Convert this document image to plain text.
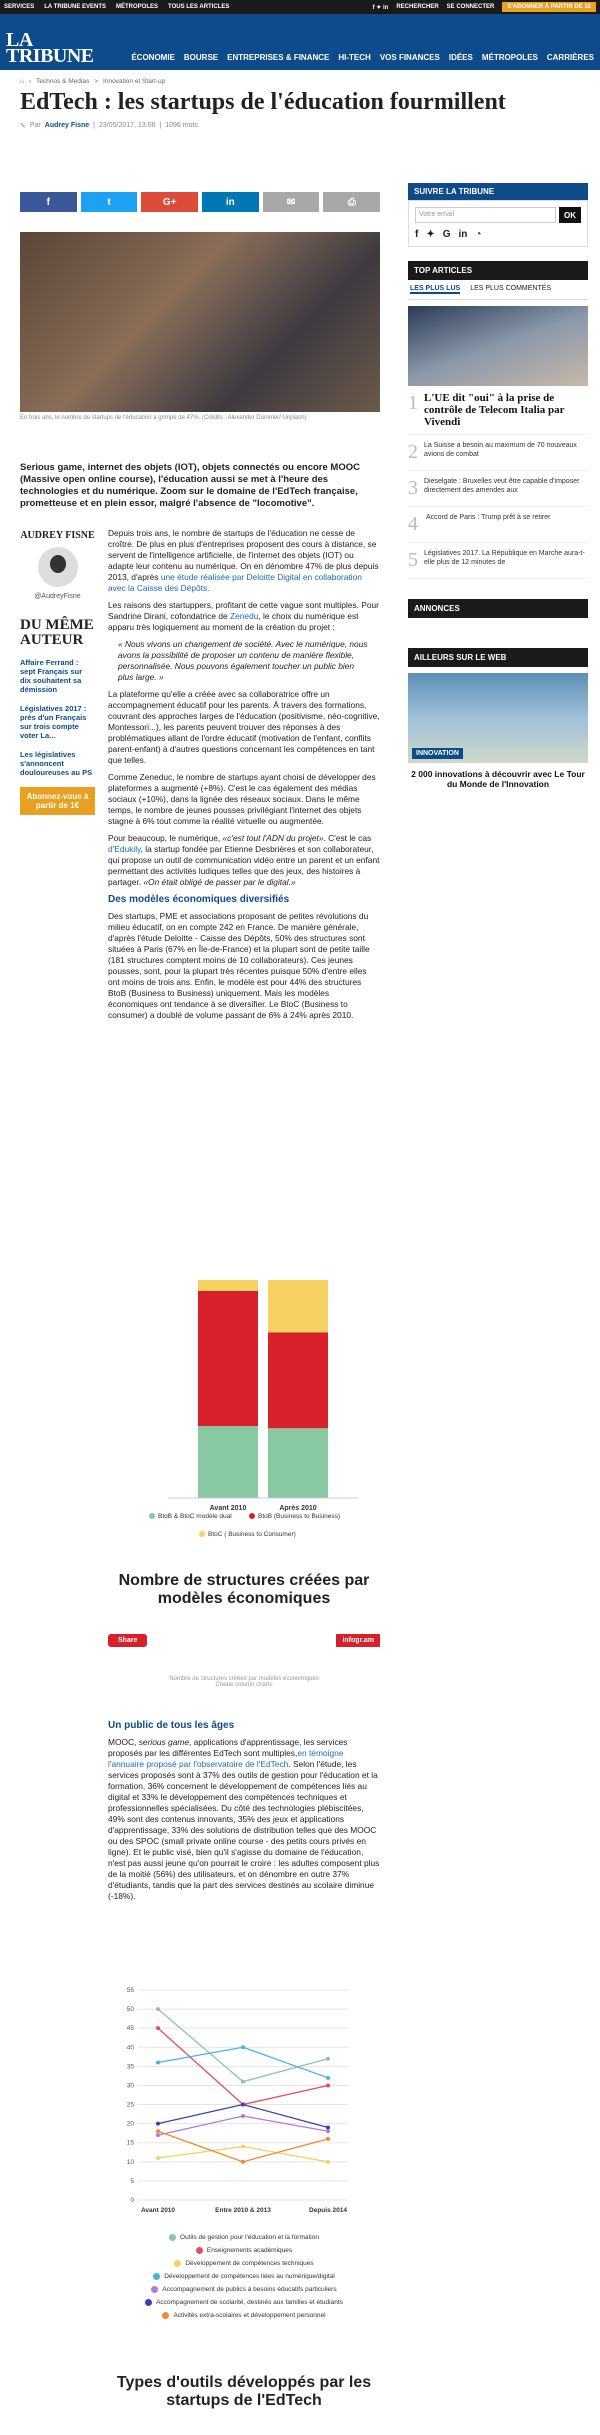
SERVICES LA TRIBUNE EVENTS MÉTROPOLES TOUS LES ARTICLES	f ✦ in RECHERCHER SE CONNECTER	S'ABONNER À PARTIR DE 1€
LA
TRIBUNE	ÉCONOMIE BOURSE ENTREPRISES & FINANCE HI-TECH VOS FINANCES IDÉES MÉTROPOLES CARRIÈRES
⌂ › Technos & Medias > Innovation et Start-up
EdTech : les startups de l'éducation fourmillent
✎ Par Audrey Fisne | 23/05/2017, 13:06 | 1096 mots
f	t	G+	in	✉	⎙
En trois ans, le nombre de startups de l'éducation a grimpé de 47%. (Crédits : Alexander Dummer/ Unplash)
Serious game, internet des objets (IOT), objets connectés ou encore MOOC (Massive open online course), l'éducation aussi se met à l'heure des technologies et du numérique. Zoom sur le domaine de l'EdTech française, prometteuse et en plein essor, malgré l'absence de "locomotive".
AUDREY FISNE
@AudreyFisne
DU MÊME AUTEUR

Affaire Ferrand : sept Français sur dix souhaitent sa démission

Législatives 2017 : près d'un Français sur trois compte voter La...

Les législatives s'annoncent douloureuses au PS

Abonnez-vous à partir de 1€

Depuis trois ans, le nombre de startups de l'éducation ne cesse de croître. De plus en plus d'entreprises proposent des cours à distance, se servent de l'intelligence artificielle, de l'internet des objets (IOT) ou adapte leur contenu au numérique. On en dénombre 47% de plus depuis 2013, d'après une étude réalisée par Deloitte Digital en collaboration avec la Caisse des Dépôts.

Les raisons des startuppers, profitant de cette vague sont multiples. Pour Sandrine Dirani, cofondatrice de Zenedu, le choix du numérique est apparu très logiquement au moment de la création du projet :

« Nous vivons un changement de société. Avec le numérique, nous avons la possibilité de proposer un contenu de manière flexible, personnalisée. Nous pouvons également toucher un public bien plus large. »

La plateforme qu'elle a créée avec sa collaboratrice offre un accompagnement éducatif pour les parents. À travers des formations, couvrant des approches larges de l'éducation (positivisme, néo-cognitive, Montessori...), les parents peuvent trouver des réponses à des problématiques allant de l'ordre éducatif (motivation de l'enfant, conflits parent-enfant) à d'autres questions concernant les compétences en tant que telles.

Comme Zeneduc, le nombre de startups ayant choisi de développer des plateformes a augmenté (+8%). C'est le cas également des médias sociaux (+10%), dans la lignée des réseaux sociaux. Dans le même temps, le nombre de jeunes pousses privilégiant l'internet des objets stagne à 6% tout comme la réalité virtuelle ou augmentée.

Pour beaucoup, le numérique, «c'est tout l'ADN du projet». C'est le cas d'Edukily, la startup fondée par Etienne Desbrières et son collaborateur, qui propose un outil de communication vidéo entre un parent et un enfant permettant des activités ludiques telles que des jeux, des histoires à partager. «On était obligé de passer par le digital.»

Des modèles économiques diversifiés

Des startups, PME et associations proposant de petites révolutions du milieu éducatif, on en compte 242 en France. De manière générale, d'après l'étude Deloitte - Caisse des Dépôts, 50% des structures sont situées à Paris (67% en Île-de-France) et la plupart sont de petite taille (181 structures comptent moins de 10 collaborateurs). Ces jeunes pousses, sont, pour la plupart très récentes puisque 50% d'entre elles ont moins de trois ans. Enfin, le modèle est pour 44% des structures BtoB (Business to Business) uniquement. Mais les modèles économiques ont tendance à se diversifier. Le BtoC (Business to consumer) a doublé de volume passant de 6% à 24% après 2010.

Avant 2010	Après 2010
BtoB & BtoC modèle dual	BtoB (Business to Business)
BtoC ( Business to Consumer)
Nombre de structures créées par modèles économiques
Share	infogr.am
Nombre de structures créées par modèles économiques
Create column charts

Un public de tous les âges

MOOC, serious game, applications d'apprentissage, les services proposés par les différentes EdTech sont multiples,en témoigne l'annuaire proposé par l'observatoire de l'EdTech. Selon l'étude, les services proposés sont à 37% des outils de gestion pour l'éducation et la formation, 36% concernent le développement de compétences liés au digital et 33% le développement des compétences techniques et professionnelles spécialisées. Du côté des technologies plébiscitées, 49% sont des contenus innovants, 35% des jeux et applications d'apprentissage, 33% des solutions de distribution telles que des MOOC ou des SPOC (small private online course - des petits cours privés en ligne). Et le public visé, bien qu'il s'agisse du domaine de l'éducation, n'est pas aussi jeune qu'on pourrait le croire : les adultes composent plus de la moitié (56%) des utilisateurs, et on dénombre en outre 37% d'étudiants, tandis que la part des services destinés au scolaire diminue (-18%).

0
5
10
15
20
25
30
35
40
45
50
55
Avant 2010	Entre 2010 & 2013	Depuis 2014
Outils de gestion pour l'éducation et la formation
Enseignements académiques
Développement de compétences techniques
Développement de compétences liées au numérique/digital
Accompagnement de publics à besoins éducatifs particuliers
Accompagnement de scolarité, destinés aux familles et étudiants
Activités extra-scolaires et développement personnel
Types d'outils développés par les startups de l'EdTech
SUIVRE LA TRIBUNE
Votre email	OK
f ✦ G in ◔
TOP ARTICLES
LES PLUS LUS LES PLUS COMMENTÉS
1 L'UE dit "oui" à la prise de contrôle de Telecom Italia par Vivendi
2 La Suisse a besoin au maximum de 70 nouveaux avions de combat
3 Dieselgate : Bruxelles veut être capable d'imposer directement des amendes aux
4 Accord de Paris : Trump prêt à se retirer
5 Législatives 2017. La République en Marche aura-t-elle plus de 12 minutes de
ANNONCES
AILLEURS SUR LE WEB
INNOVATION
2 000 innovations à découvrir avec Le Tour du Monde de l'Innovation
